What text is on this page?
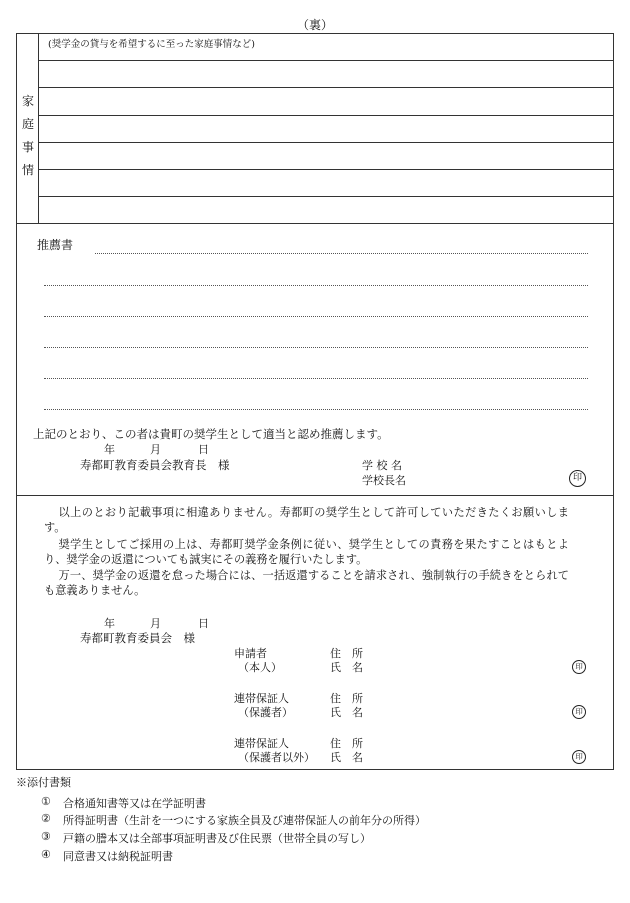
（裏）
家
庭
事
情
(奨学金の貸与を希望するに至った家庭事情など)
推薦書
上記のとおり、この者は貴町の奨学生として適当と認め推薦します。
年	月	日
寿都町教育委員会教育長　様	学 校 名
学校長名	印
以上のとおり記載事項に相違ありません。寿都町の奨学生として許可していただきたくお願いします。
奨学生としてご採用の上は、寿都町奨学金条例に従い、奨学生としての責務を果たすことはもとより、奨学金の返還についても誠実にその義務を履行いたします。
万一、奨学金の返還を怠った場合には、一括返還することを請求され、強制執行の手続きをとられても意義ありません。
年	月	日
寿都町教育委員会　様
申請者
（本人）
住　所
氏　名	印
連帯保証人
（保護者）
住　所
氏　名	印
連帯保証人
（保護者以外）
住　所
氏　名	印
※添付書類
① 合格通知書等又は在学証明書
② 所得証明書（生計を一つにする家族全員及び連帯保証人の前年分の所得）
③ 戸籍の謄本又は全部事項証明書及び住民票（世帯全員の写し）
④ 同意書又は納税証明書
